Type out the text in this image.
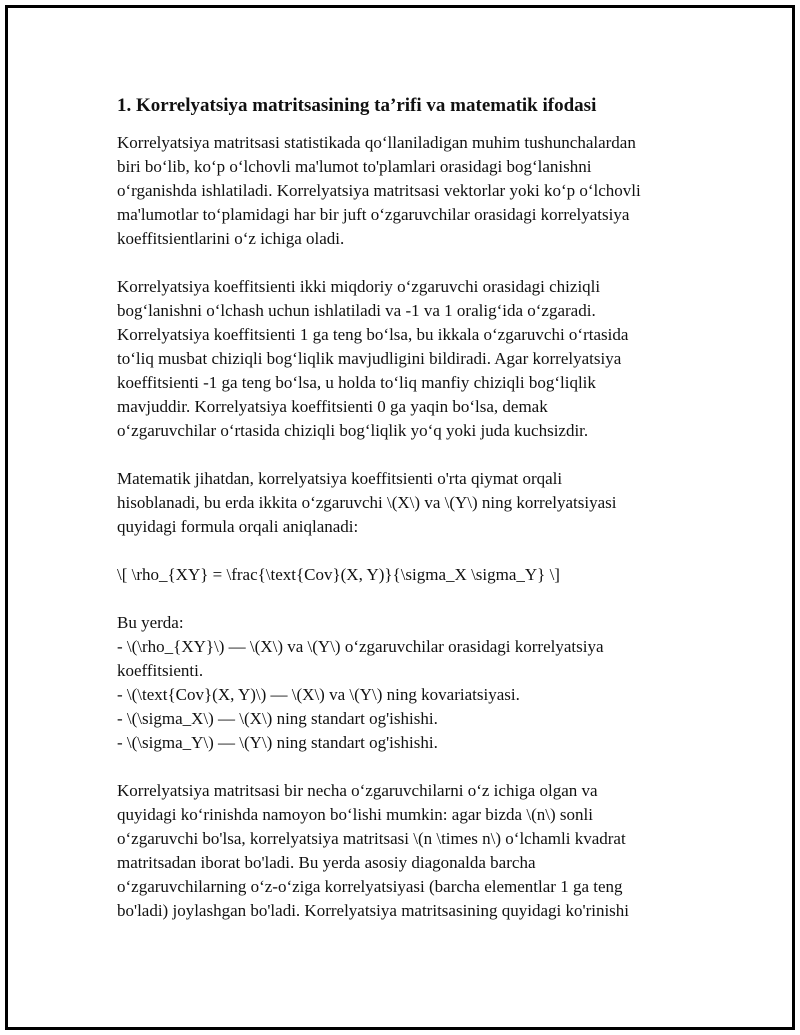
1. Korrelyatsiya matritsasining ta’rifi va matematik ifodasi
Korrelyatsiya matritsasi statistikada qo‘llaniladigan muhim tushunchalardan
biri bo‘lib, ko‘p o‘lchovli ma'lumot to'plamlari orasidagi bog‘lanishni
o‘rganishda ishlatiladi. Korrelyatsiya matritsasi vektorlar yoki ko‘p o‘lchovli
ma'lumotlar to‘plamidagi har bir juft o‘zgaruvchilar orasidagi korrelyatsiya
koeffitsientlarini o‘z ichiga oladi.
Korrelyatsiya koeffitsienti ikki miqdoriy o‘zgaruvchi orasidagi chiziqli
bog‘lanishni o‘lchash uchun ishlatiladi va -1 va 1 oralig‘ida o‘zgaradi.
Korrelyatsiya koeffitsienti 1 ga teng bo‘lsa, bu ikkala o‘zgaruvchi o‘rtasida
to‘liq musbat chiziqli bog‘liqlik mavjudligini bildiradi. Agar korrelyatsiya
koeffitsienti -1 ga teng bo‘lsa, u holda to‘liq manfiy chiziqli bog‘liqlik
mavjuddir. Korrelyatsiya koeffitsienti 0 ga yaqin bo‘lsa, demak
o‘zgaruvchilar o‘rtasida chiziqli bog‘liqlik yo‘q yoki juda kuchsizdir.
Matematik jihatdan, korrelyatsiya koeffitsienti o'rta qiymat orqali
hisoblanadi, bu erda ikkita o‘zgaruvchi \(X\) va \(Y\) ning korrelyatsiyasi
quyidagi formula orqali aniqlanadi:
\[ \rho_{XY} = \frac{\text{Cov}(X, Y)}{\sigma_X \sigma_Y} \]
Bu yerda:
- \(\rho_{XY}\) — \(X\) va \(Y\) o‘zgaruvchilar orasidagi korrelyatsiya
koeffitsienti.
- \(\text{Cov}(X, Y)\) — \(X\) va \(Y\) ning kovariatsiyasi.
- \(\sigma_X\) — \(X\) ning standart og'ishishi.
- \(\sigma_Y\) — \(Y\) ning standart og'ishishi.
Korrelyatsiya matritsasi bir necha o‘zgaruvchilarni o‘z ichiga olgan va
quyidagi ko‘rinishda namoyon bo‘lishi mumkin: agar bizda \(n\) sonli
o‘zgaruvchi bo'lsa, korrelyatsiya matritsasi \(n \times n\) o‘lchamli kvadrat
matritsadan iborat bo'ladi. Bu yerda asosiy diagonalda barcha
o‘zgaruvchilarning o‘z-o‘ziga korrelyatsiyasi (barcha elementlar 1 ga teng
bo'ladi) joylashgan bo'ladi. Korrelyatsiya matritsasining quyidagi ko'rinishi
